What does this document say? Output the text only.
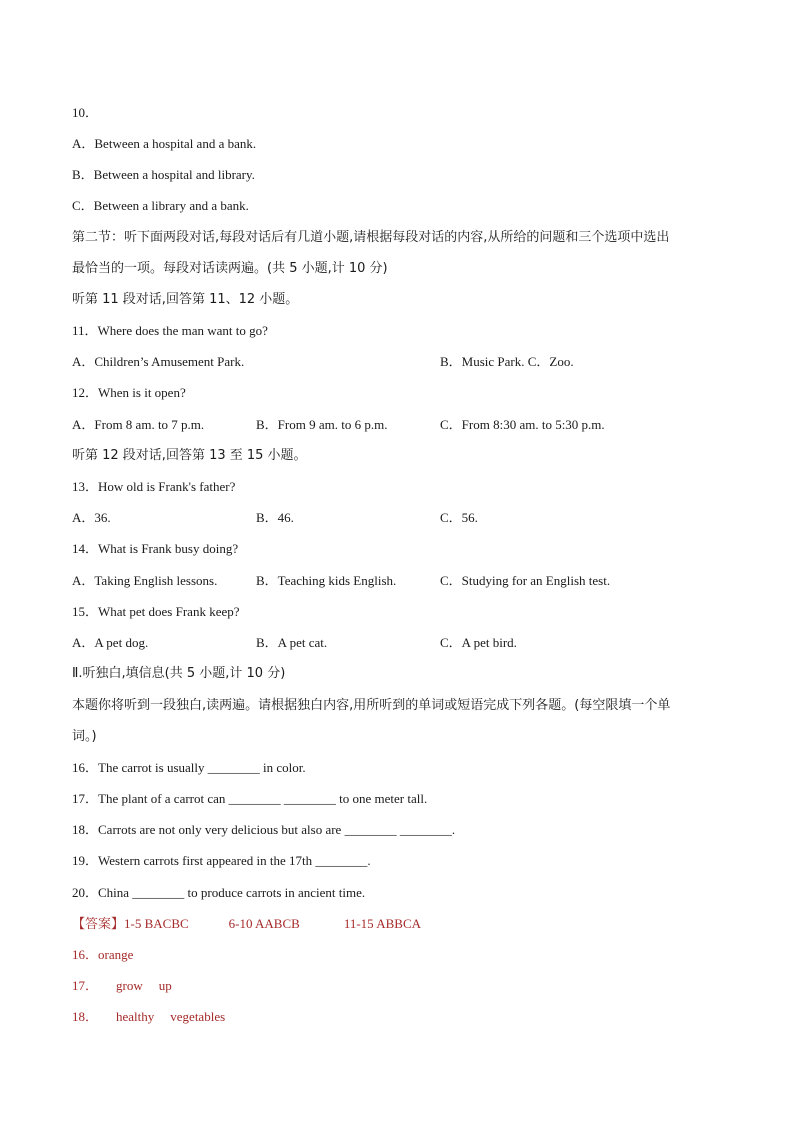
10．
A．Between a hospital and a bank.
B．Between a hospital and library.
C．Between a library and a bank.
第二节：听下面两段对话,每段对话后有几道小题,请根据每段对话的内容,从所给的问题和三个选项中选出
最恰当的一项。每段对话读两遍。(共 5 小题,计 10 分)
听第 11 段对话,回答第 11、12 小题。
11．Where does the man want to go?
A．Children’s Amusement Park.	B．Music Park. C．Zoo.
12．When is it open?
A．From 8 am. to 7 p.m.	B．From 9 am. to 6 p.m.	C．From 8:30 am. to 5:30 p.m.
听第 12 段对话,回答第 13 至 15 小题。
13．How old is Frank's father?
A．36.	B．46.	C．56.
14．What is Frank busy doing?
A．Taking English lessons.	B．Teaching kids English.	C．Studying for an English test.
15．What pet does Frank keep?
A．A pet dog.	B．A pet cat.	C．A pet bird.
Ⅱ.听独白,填信息(共 5 小题,计 10 分)
本题你将听到一段独白,读两遍。请根据独白内容,用所听到的单词或短语完成下列各题。(每空限填一个单
词。)
16．The carrot is usually ________ in color.
17．The plant of a carrot can ________ ________ to one meter tall.
18．Carrots are not only very delicious but also are ________ ________.
19．Western carrots first appeared in the 17th ________.
20．China ________ to produce carrots in ancient time.
【答案】1-5 BACBC	6-10 AABCB	11-15 ABBCA
16．orange
17． grow up
18． healthy vegetables
